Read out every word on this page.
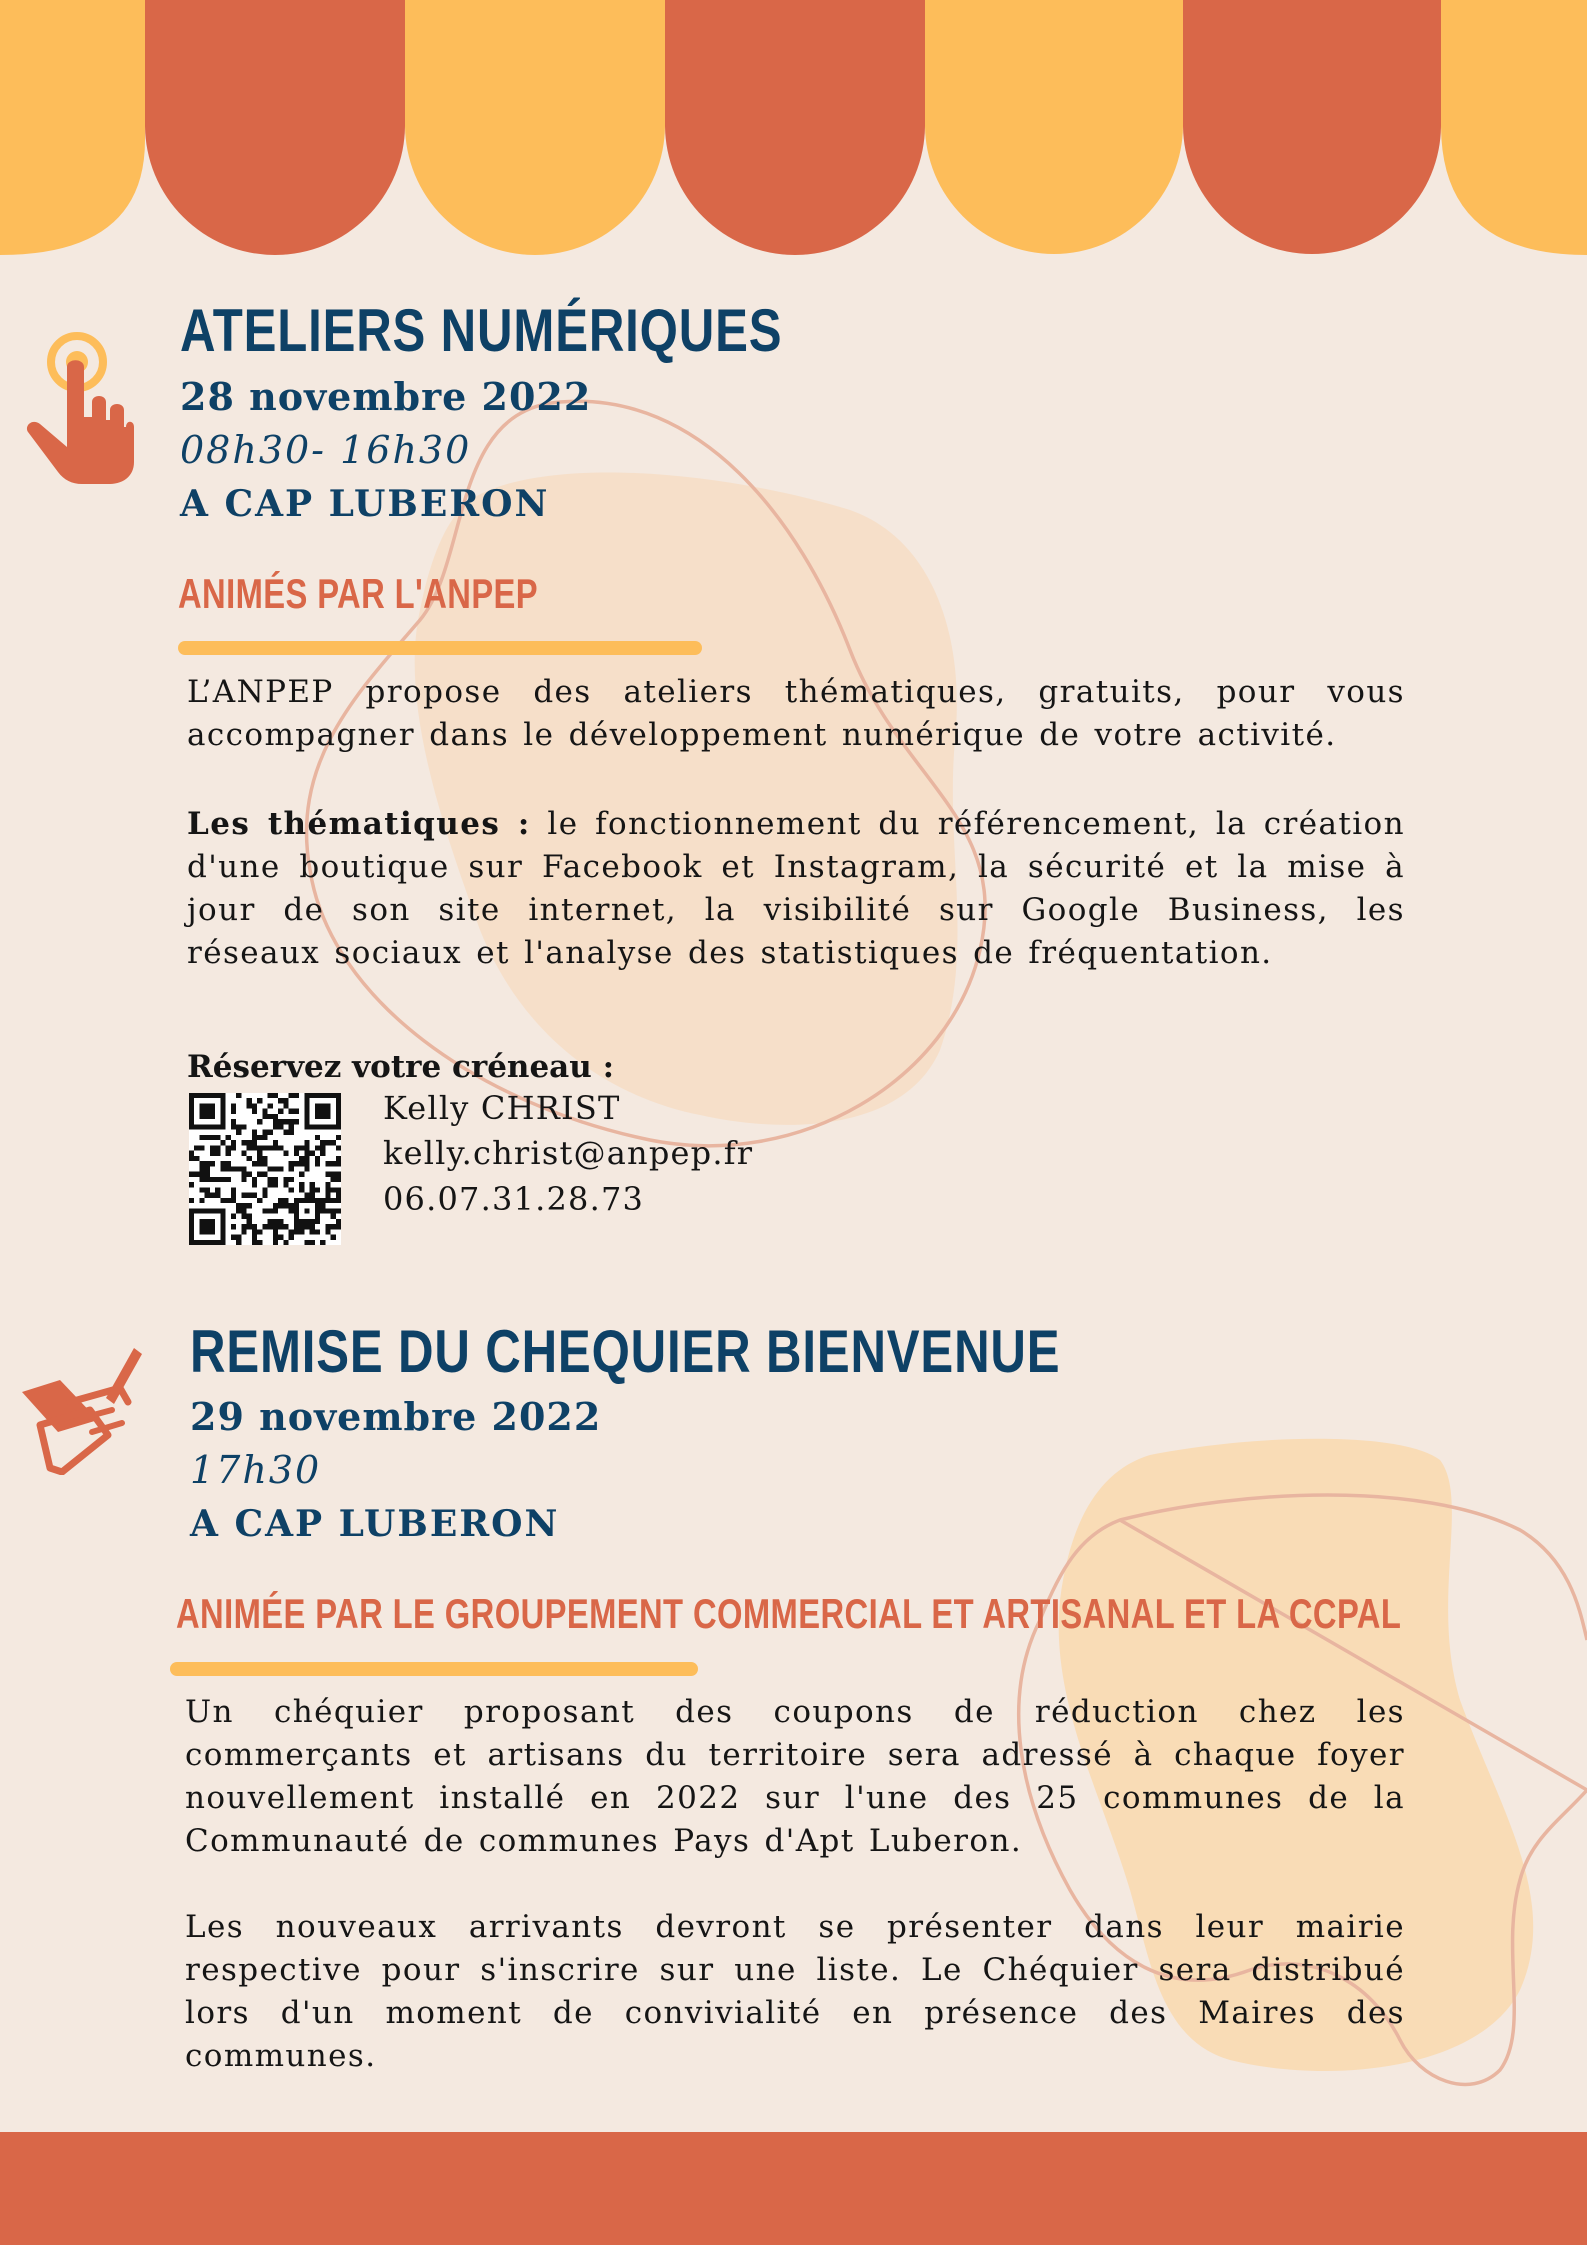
ATELIERS NUMÉRIQUES
28 novembre 2022
08h30- 16h30
A CAP LUBERON
ANIMÉS PAR L'ANPEP

L’ANPEP propose des ateliers thématiques, gratuits, pour vous accompagner dans le développement numérique de votre activité.

Les thématiques : le fonctionnement du référencement, la création d'une boutique sur Facebook et Instagram, la sécurité et la mise à jour de son site internet, la visibilité sur Google Business, les réseaux sociaux et l'analyse des statistiques de fréquentation.

Réservez votre créneau :
Kelly CHRIST
kelly.christ@anpep.fr
06.07.31.28.73
REMISE DU CHEQUIER BIENVENUE
29 novembre 2022
17h30
A CAP LUBERON
ANIMÉE PAR LE GROUPEMENT COMMERCIAL ET ARTISANAL ET LA CCPAL

Un chéquier proposant des coupons de réduction chez les commerçants et artisans du territoire sera adressé à chaque foyer nouvellement installé en 2022 sur l'une des 25 communes de la Communauté de communes Pays d'Apt Luberon.

Les nouveaux arrivants devront se présenter dans leur mairie respective pour s'inscrire sur une liste. Le Chéquier sera distribué lors d'un moment de convivialité en présence des Maires des communes.
